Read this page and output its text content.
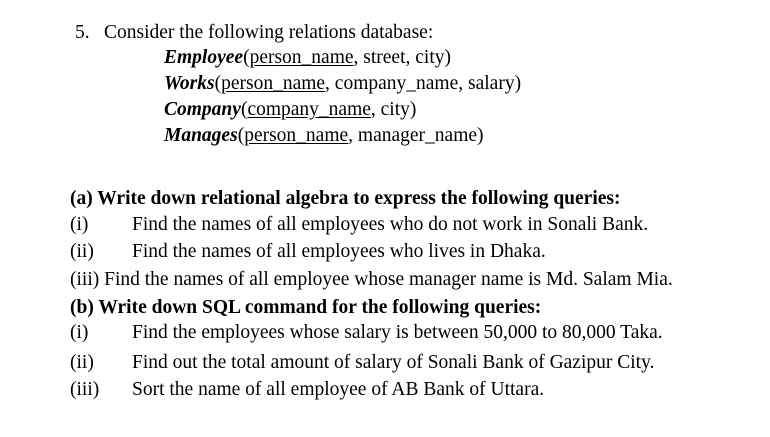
5. Consider the following relations database:
Employee(person_name, street, city)
Works(person_name, company_name, salary)
Company(company_name, city)
Manages(person_name, manager_name)
(a) Write down relational algebra to express the following queries:
(i) Find the names of all employees who do not work in Sonali Bank.
(ii) Find the names of all employees who lives in Dhaka.
(iii) Find the names of all employee whose manager name is Md. Salam Mia.
(b) Write down SQL command for the following queries:
(i) Find the employees whose salary is between 50,000 to 80,000 Taka.
(ii) Find out the total amount of salary of Sonali Bank of Gazipur City.
(iii) Sort the name of all employee of AB Bank of Uttara.
